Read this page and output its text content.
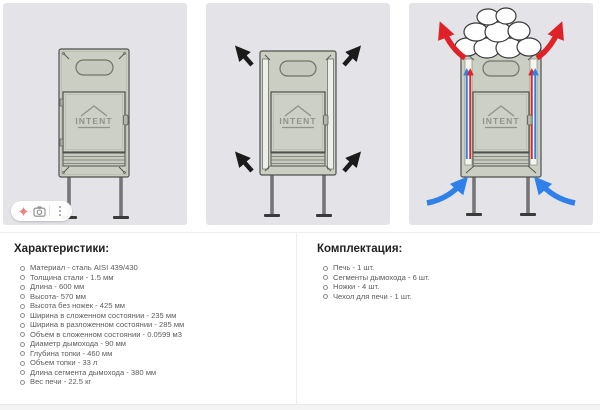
INTENT	INTENT	INTENT
Характеристики:
Материал - сталь AISI 439/430
Толщина стали - 1.5 мм
Длина - 600 мм
Высота- 570 мм
Высота без ножек - 425 мм
Ширина в сложенном состоянии - 235 мм
Ширина в разложенном состоянии - 285 мм
Объем в сложенном состоянии - 0.0599 м3
Диаметр дымохода - 90 мм
Глубина топки - 460 мм
Объем топки - 33 л
Длина сегмента дымохода - 380 мм
Вес печи - 22.5 кг
Комплектация:
Печь - 1 шт.
Сегменты дымохода - 6 шт.
Ножки - 4 шт.
Чехол для печи - 1 шт.
